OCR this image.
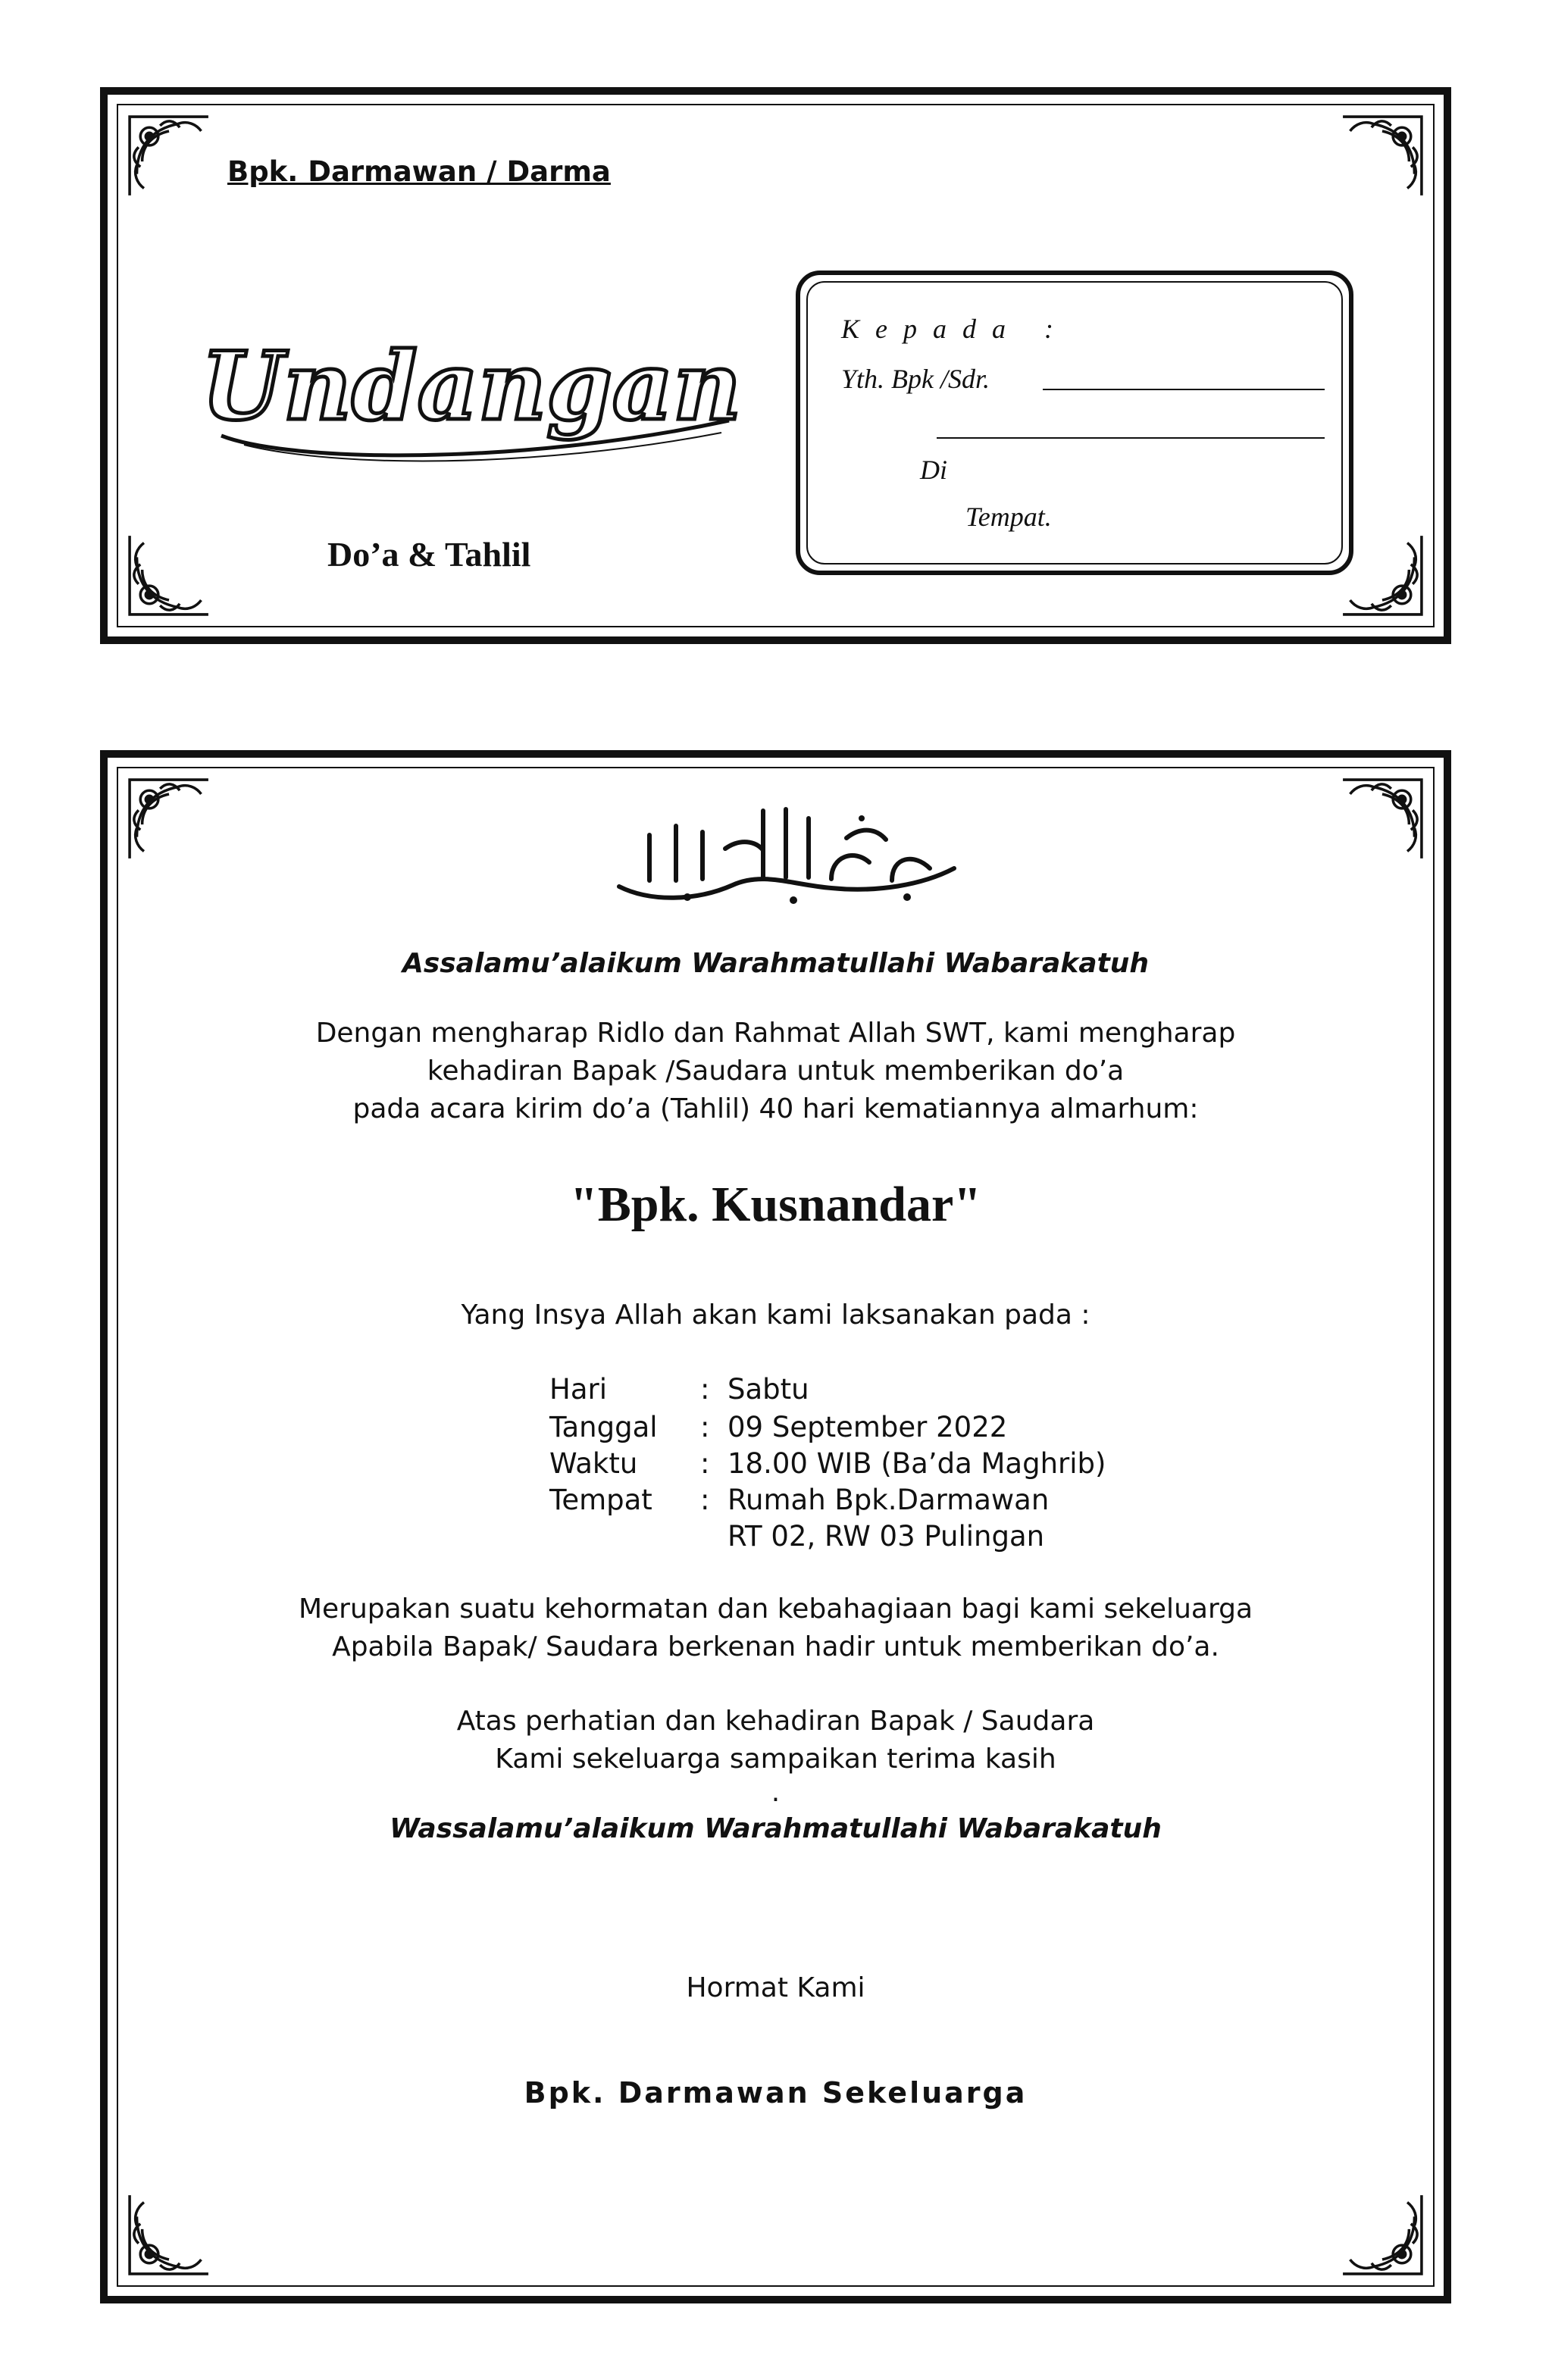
Bpk. Darmawan / Darma
Undangan
Do’a & Tahlil
K e p a d a   :
Yth. Bpk /Sdr.
Di
Tempat.
Assalamu’alaikum Warahmatullahi Wabarakatuh
Dengan mengharap Ridlo dan Rahmat Allah SWT, kami mengharap
kehadiran Bapak /Saudara untuk memberikan do’a
pada acara kirim do’a (Tahlil) 40 hari kematiannya almarhum:
"Bpk. Kusnandar"
Yang Insya Allah akan kami laksanakan pada :
Hari	: Sabtu
Tanggal : 09 September 2022
Waktu : 18.00 WIB (Ba’da Maghrib)
Tempat : Rumah Bpk.Darmawan
RT 02, RW 03 Pulingan
Merupakan suatu kehormatan dan kebahagiaan bagi kami sekeluarga
Apabila Bapak/ Saudara berkenan hadir untuk memberikan do’a.
Atas perhatian dan kehadiran Bapak / Saudara
Kami sekeluarga sampaikan terima kasih
.
Wassalamu’alaikum Warahmatullahi Wabarakatuh
Hormat Kami
Bpk. Darmawan Sekeluarga
